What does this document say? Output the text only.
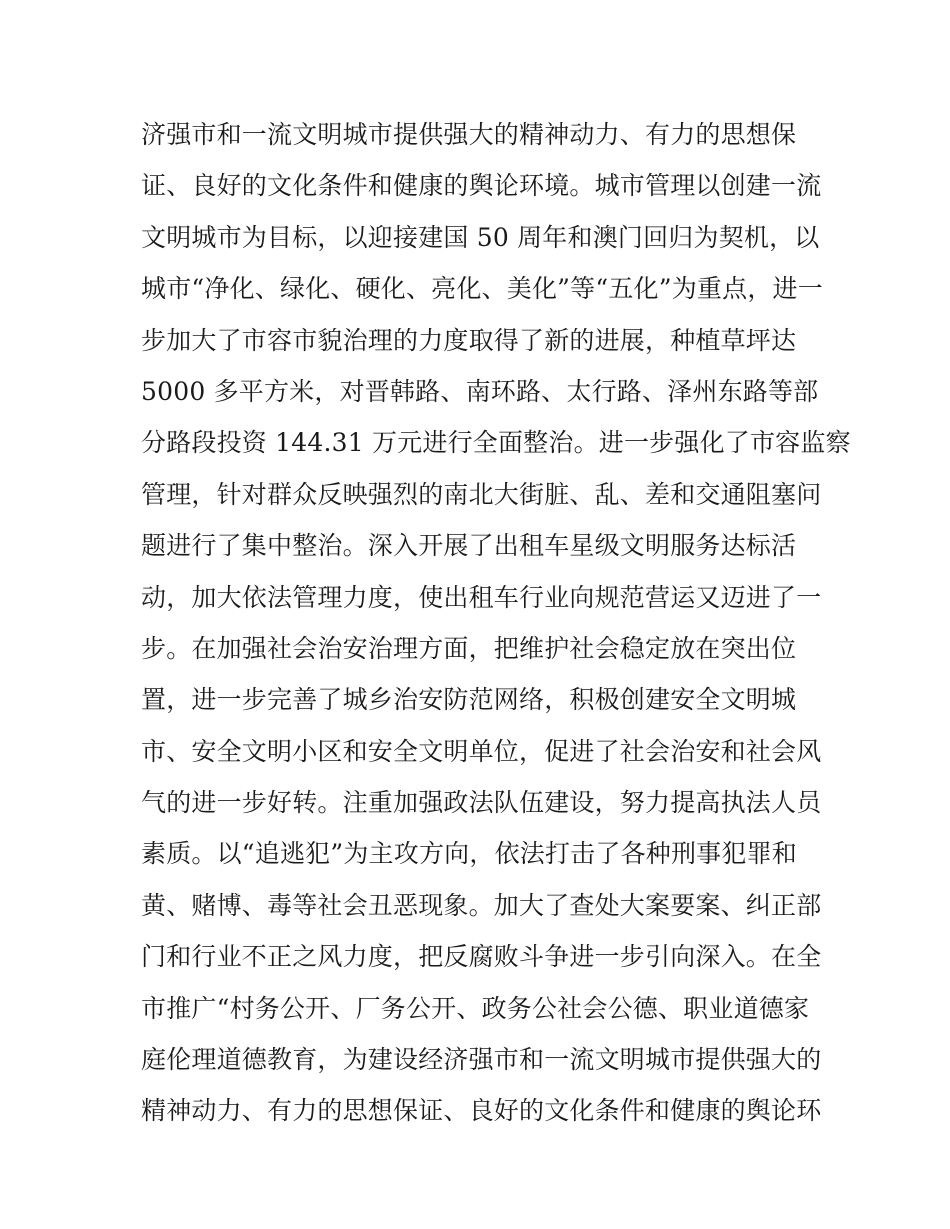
济强市和一流文明城市提供强大的精神动力、有力的思想保
证、良好的文化条件和健康的舆论环境。城市管理以创建一流
文明城市为目标，以迎接建国 50 周年和澳门回归为契机，以
城市“净化、绿化、硬化、亮化、美化”等“五化”为重点，进一
步加大了市容市貌治理的力度取得了新的进展，种植草坪达
5000 多平方米，对晋韩路、南环路、太行路、泽州东路等部
分路段投资 144.31 万元进行全面整治。进一步强化了市容监察
管理，针对群众反映强烈的南北大街脏、乱、差和交通阻塞问
题进行了集中整治。深入开展了出租车星级文明服务达标活
动，加大依法管理力度，使出租车行业向规范营运又迈进了一
步。在加强社会治安治理方面，把维护社会稳定放在突出位
置，进一步完善了城乡治安防范网络，积极创建安全文明城
市、安全文明小区和安全文明单位，促进了社会治安和社会风
气的进一步好转。注重加强政法队伍建设，努力提高执法人员
素质。以“追逃犯”为主攻方向，依法打击了各种刑事犯罪和
黄、赌博、毒等社会丑恶现象。加大了查处大案要案、纠正部
门和行业不正之风力度，把反腐败斗争进一步引向深入。在全
市推广“村务公开、厂务公开、政务公社会公德、职业道德家
庭伦理道德教育，为建设经济强市和一流文明城市提供强大的
精神动力、有力的思想保证、良好的文化条件和健康的舆论环
